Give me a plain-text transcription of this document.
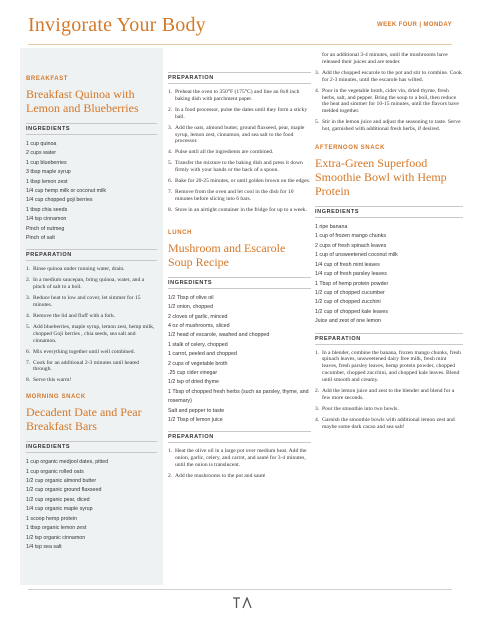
Invigorate Your Body	WEEK FOUR | MONDAY
BREAKFAST
Breakfast Quinoa with Lemon and Blueberries
INGREDIENTS
1 cup quinoa
2 cups water
1 cup blueberries
3 tbsp maple syrup
1 tbsp lemon zest
1/4 cup hemp milk or coconut milk
1/4 cup chopped goji berries
1 tbsp chia seeds
1/4 tsp cinnamon
Pinch of nutmeg
Pinch of salt
PREPARATION
1. Rinse quinoa under running water, drain.
2. In a medium saucepan, bring quinoa, water, and a pinch of salt to a boil.
3. Reduce heat to low and cover, let simmer for 15 minutes.
4. Remove the lid and fluff with a fork.
5. Add blueberries, maple syrup, lemon zest, hemp milk, chopped Goji berries , chia seeds, sea salt and cinnamon.
6. Mix everything together until well combined.
7. Cook for an additional 2-3 minutes until heated through.
8. Serve this warm!
MORNING SNACK
Decadent Date and Pear Breakfast Bars
INGREDIENTS
1 cup organic medjool dates, pitted
1 cup organic rolled oats
1/2 cup organic almond butter
1/2 cup organic ground flaxseed
1/2 cup organic pear, diced
1/4 cup organic maple syrup
1 scoop hemp protein
1 tbsp organic lemon zest
1/2 tsp organic cinnamon
1/4 tsp sea salt
PREPARATION
1. Preheat the oven to 350°F (175°C) and line an 8x8 inch baking dish with parchment paper.
2. In a food processor, pulse the dates until they form a sticky ball.
3. Add the oats, almond butter, ground flaxseed, pear, maple syrup, lemon zest, cinnamon, and sea salt to the food processor.
4. Pulse until all the ingredients are combined.
5. Transfer the mixture to the baking dish and press it down firmly with your hands or the back of a spoon.
6. Bake for 20-25 minutes, or until golden brown on the edges.
7. Remove from the oven and let cool in the dish for 10 minutes before slicing into 6 bars.
8. Store in an airtight container in the fridge for up to a week.
LUNCH
Mushroom and Escarole Soup Recipe
INGREDIENTS
1/2 Tbsp of olive oil
1/2 onion, chopped
2 cloves of garlic, minced
4 oz of mushrooms, sliced
1/2 head of escarole, washed and chopped
1 stalk of celery, chopped
1 carrot, peeled and chopped
2 cups of vegetable broth
.25 cup cider vinegar
1/2 tsp of dried thyme
1 Tbsp of chopped fresh herbs (such as parsley, thyme, and rosemary)
Salt and pepper to taste
1/2 Tbsp of lemon juice
PREPARATION
1. Heat the olive oil in a large pot over medium heat. Add the onion, garlic, celery, and carrot, and sauté for 3-4 minutes, until the onion is translucent.
2. Add the mushrooms to the pot and sauté
for an additional 3-4 minutes, until the mushrooms have released their juices and are tender.
3. Add the chopped escarole to the pot and stir to combine. Cook for 2-3 minutes, until the escarole has wilted.
4. Pour in the vegetable broth, cider vin, dried thyme, fresh herbs, salt, and pepper. Bring the soup to a boil, then reduce the heat and simmer for 10-15 minutes, until the flavors have melded together.
5. Stir in the lemon juice and adjust the seasoning to taste. Serve hot, garnished with additional fresh herbs, if desired.
AFTERNOON SNACK
Extra-Green Superfood Smoothie Bowl with Hemp Protein
INGREDIENTS
1 ripe banana
1 cup of frozen mango chunks
2 cups of fresh spinach leaves
1 cup of unsweetened coconut milk
1/4 cup of fresh mint leaves
1/4 cup of fresh parsley leaves
1 Tbsp of hemp protein powder
1/2 cup of chopped cucumber
1/2 cup of chopped zucchini
1/2 cup of chopped kale leaves
Juice and zest of one lemon
PREPARATION
1. In a blender, combine the banana, frozen mango chunks, fresh spinach leaves, unsweetened dairy free milk, fresh mint leaves, fresh parsley leaves, hemp protein powder, chopped cucumber, chopped zucchini, and chopped kale leaves. Blend until smooth and creamy.
2. Add the lemon juice and zest to the blender and blend for a few more seconds.
3. Pour the smoothie into two bowls.
4. Garnish the smoothie bowls with additional lemon zest and maybe some dark cacao and sea salt!
